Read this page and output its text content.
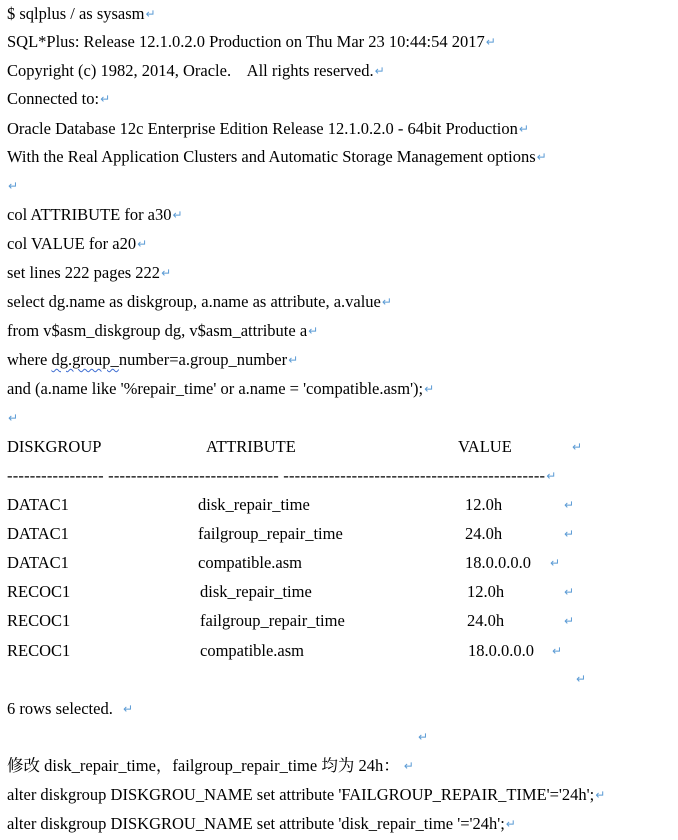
$ sqlplus / as sysasm↵
SQL*Plus: Release 12.1.0.2.0 Production on Thu Mar 23 10:44:54 2017↵
Copyright (c) 1982, 2014, Oracle.    All rights reserved.↵
Connected to:↵
Oracle Database 12c Enterprise Edition Release 12.1.0.2.0 - 64bit Production↵
With the Real Application Clusters and Automatic Storage Management options↵
↵
col ATTRIBUTE for a30↵
col VALUE for a20↵
set lines 222 pages 222↵
select dg.name as diskgroup, a.name as attribute, a.value↵
from v$asm_diskgroup dg, v$asm_attribute a↵
where dg.group_number=a.group_number↵
and (a.name like '%repair_time' or a.name = 'compatible.asm');↵
↵
DISKGROUP	ATTRIBUTE	VALUE	↵
----------------- ------------------------------ ----------------------------------------------↵
DATAC1	disk_repair_time	12.0h	↵
DATAC1	failgroup_repair_time	24.0h	↵
DATAC1	compatible.asm	18.0.0.0.0 ↵
RECOC1	disk_repair_time	12.0h	↵
RECOC1	failgroup_repair_time	24.0h	↵
RECOC1	compatible.asm	18.0.0.0.0 ↵
↵
6 rows selected. ↵
↵
修改 disk_repair_time，failgroup_repair_time 均为 24h： ↵
alter diskgroup DISKGROU_NAME set attribute 'FAILGROUP_REPAIR_TIME'='24h';↵
alter diskgroup DISKGROU_NAME set attribute 'disk_repair_time '='24h';↵
